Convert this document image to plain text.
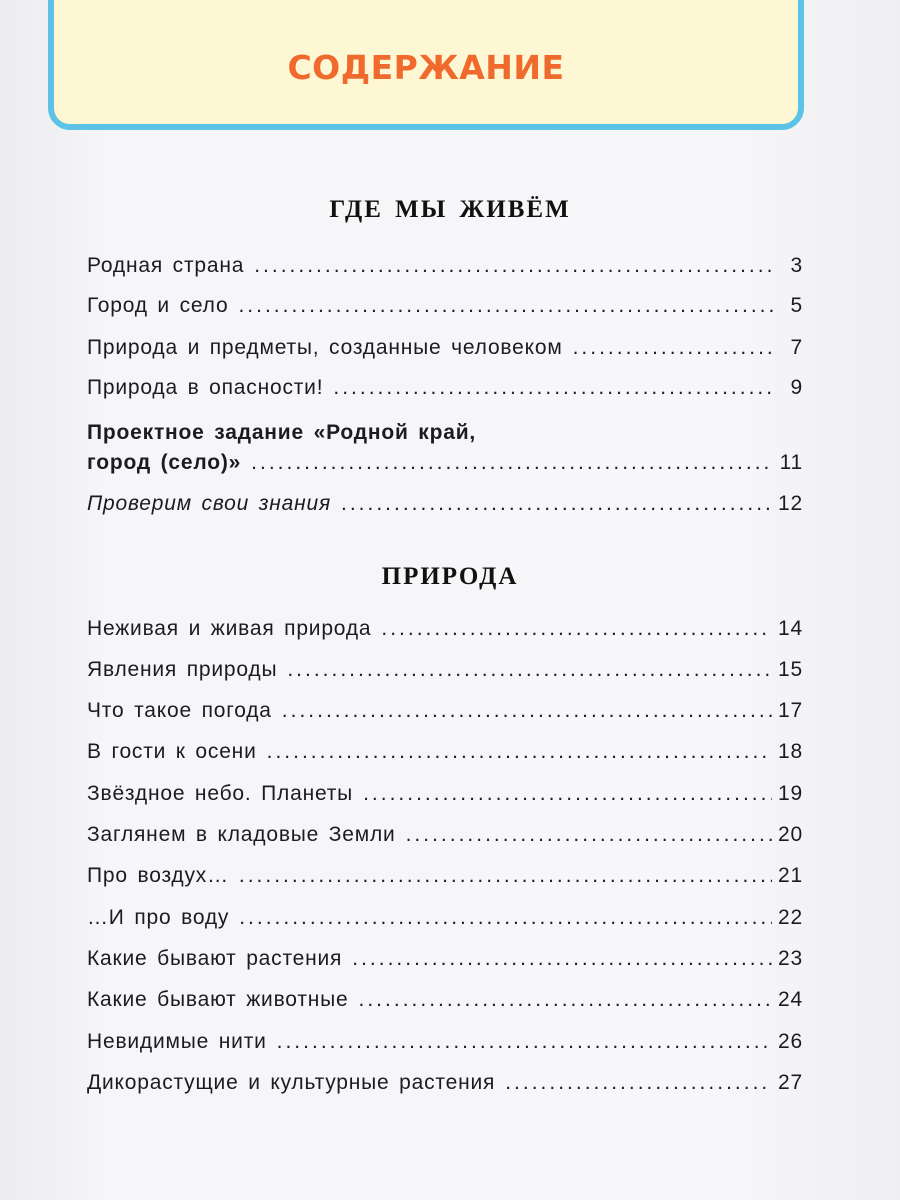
СОДЕРЖАНИЕ
ГДЕ МЫ ЖИВЁМ
Родная страна .....	3
Город и село .....	5
Природа и предметы, созданные человеком .....	7
Природа в опасности! .....	9
Проектное задание «Родной край,
город (село)» .....	11
Проверим свои знания .....	12
ПРИРОДА
Неживая и живая природа .....	14
Явления природы .....	15
Что такое погода .....	17
В гости к осени .....	18
Звёздное небо. Планеты .....	19
Заглянем в кладовые Земли .....	20
Про воздух… .....	21
…И про воду .....	22
Какие бывают растения .....	23
Какие бывают животные .....	24
Невидимые нити .....	26
Дикорастущие и культурные растения .....	27
